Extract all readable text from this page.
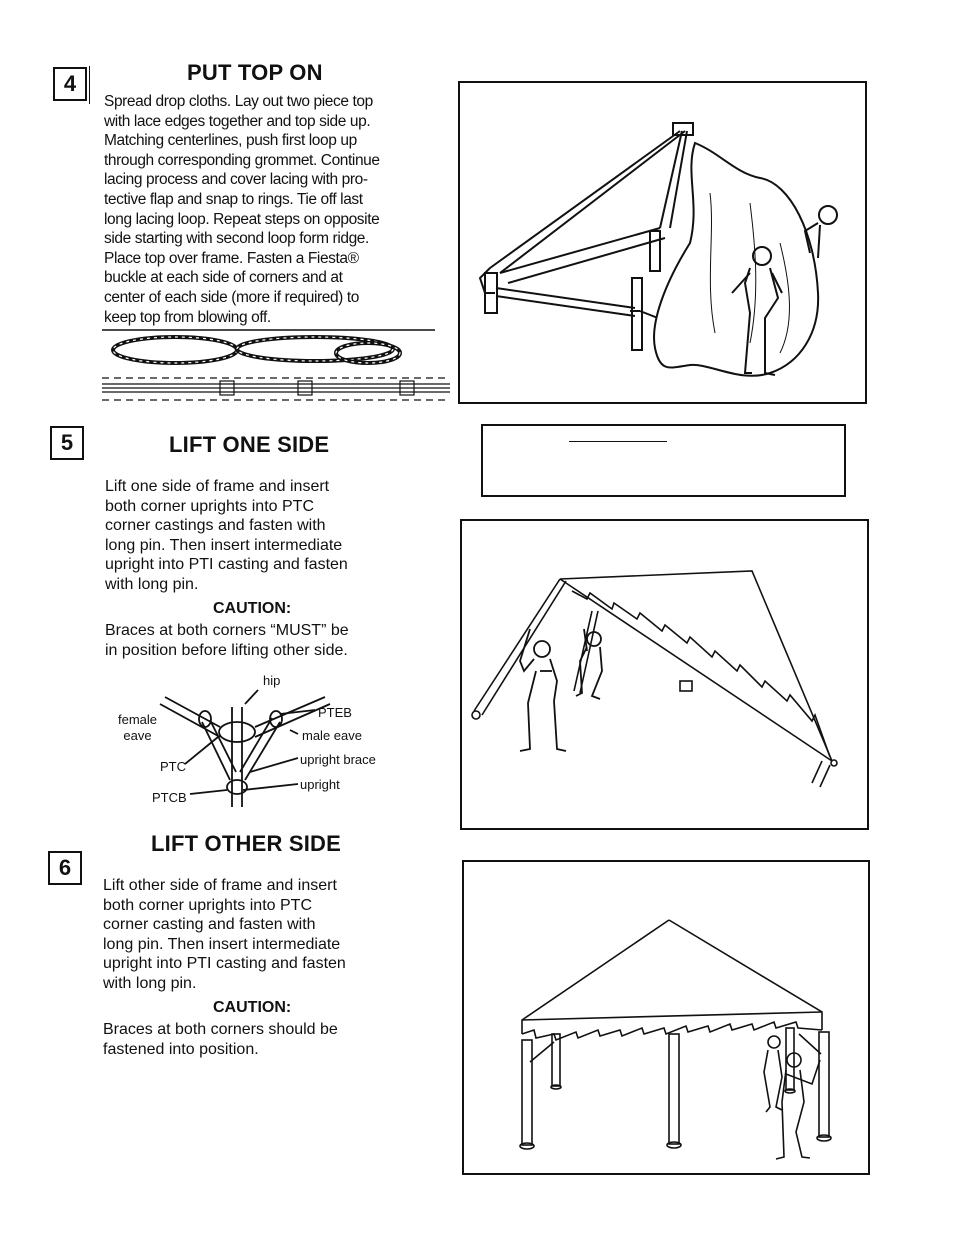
4	PUT TOP ON
Spread drop cloths. Lay out two piece top
with lace edges together and top side up.
Matching centerlines, push first loop up
through corresponding grommet. Continue
lacing process and cover lacing with pro-
tective flap and snap to rings. Tie off last
long lacing loop. Repeat steps on opposite
side starting with second loop form ridge.
Place top over frame. Fasten a Fiesta®
buckle at each side of corners and at
center of each side (more if required) to
keep top from blowing off.
5	LIFT ONE SIDE
Lift one side of frame and insert
both corner uprights into PTC
corner castings and fasten with
long pin. Then insert intermediate
upright into PTI casting and fasten
with long pin.
CAUTION:
Braces at both corners “MUST” be
in position before lifting other side.
hip
female
eave
PTEB
male eave
upright brace
PTC
upright
PTCB
6
LIFT OTHER SIDE
Lift other side of frame and insert
both corner uprights into PTC
corner casting and fasten with
long pin. Then insert intermediate
upright into PTI casting and fasten
with long pin.
CAUTION:
Braces at both corners should be
fastened into position.
